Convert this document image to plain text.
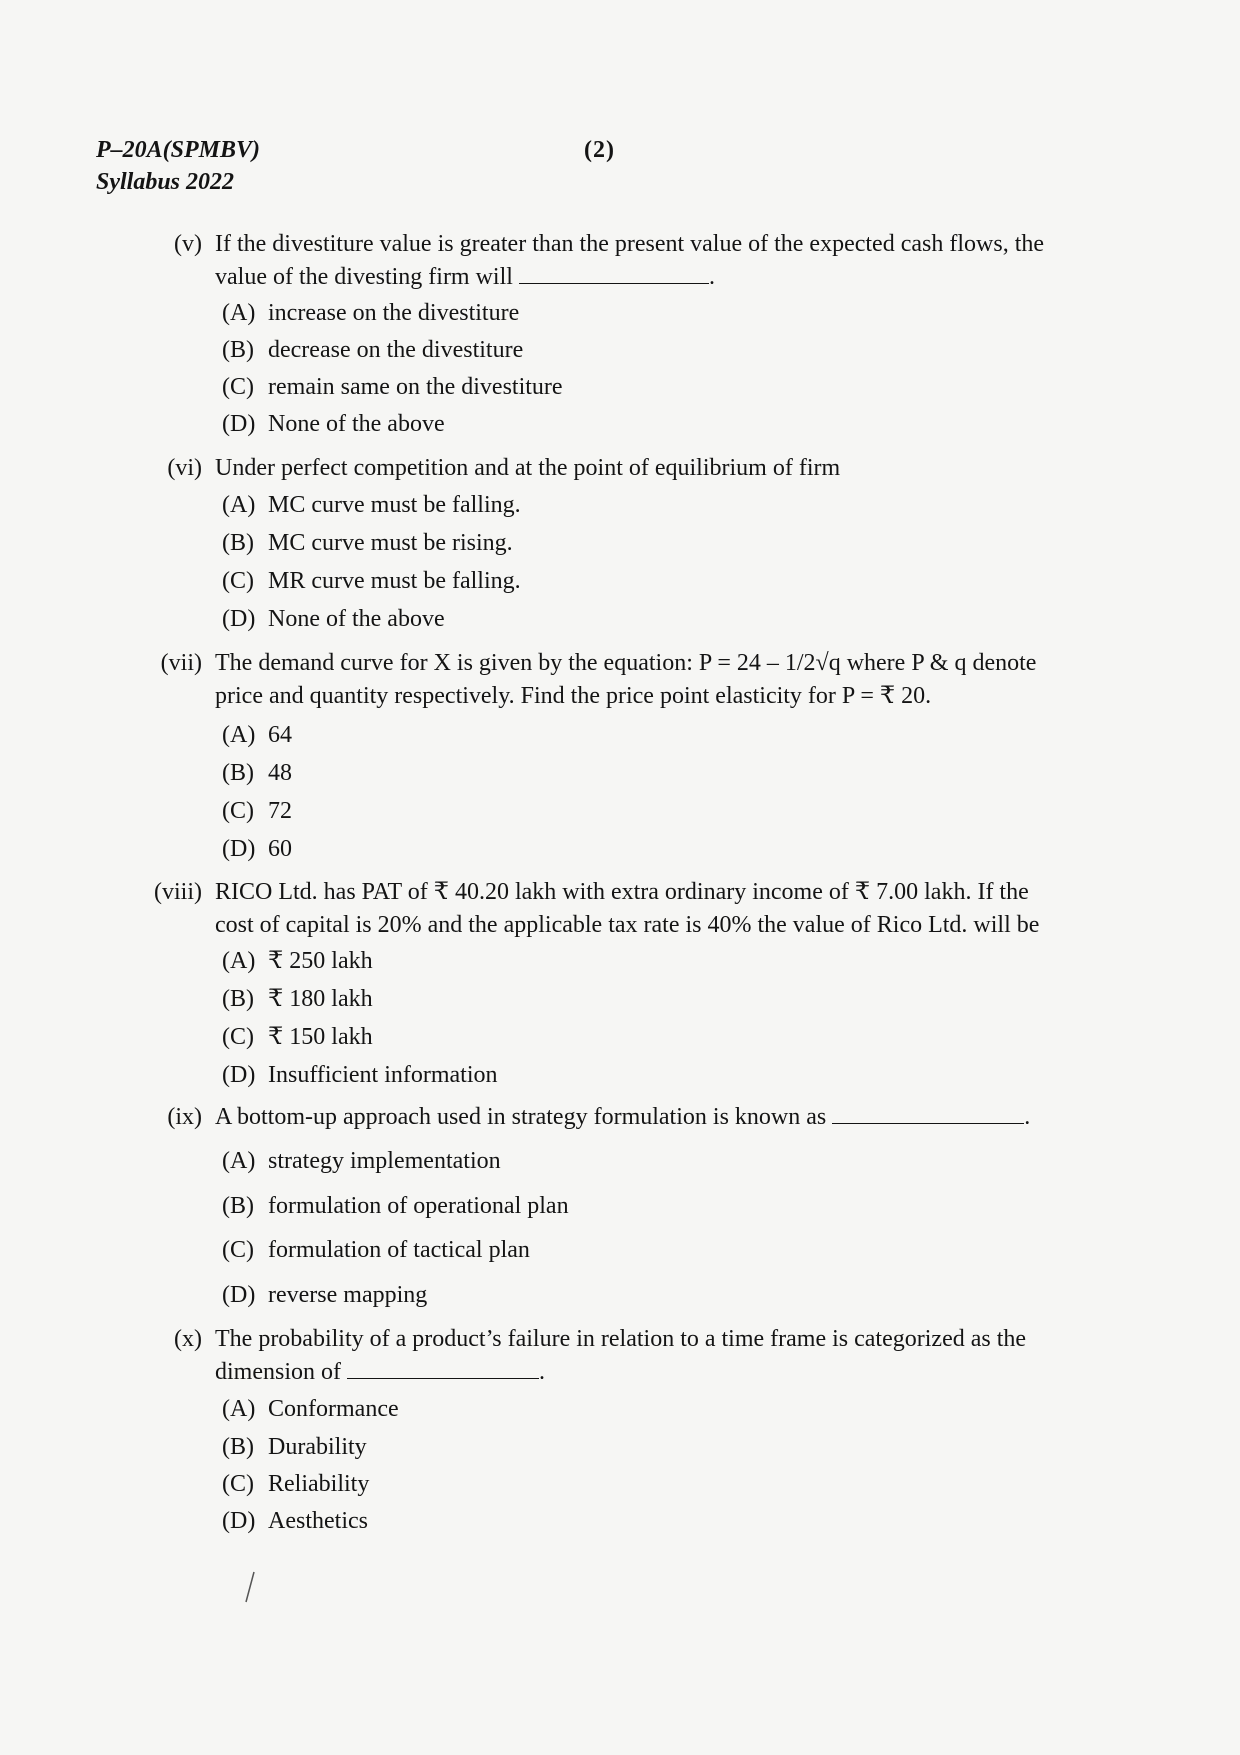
P–20A(SPMBV)
Syllabus 2022
(2)
(v) If the divestiture value is greater than the present value of the expected cash flows, the
value of the divesting firm will	.
(A) increase on the divestiture
(B) decrease on the divestiture
(C) remain same on the divestiture
(D) None of the above
(vi) Under perfect competition and at the point of equilibrium of firm
(A) MC curve must be falling.
(B) MC curve must be rising.
(C) MR curve must be falling.
(D) None of the above
(vii) The demand curve for X is given by the equation: P = 24 – 1/2√q where P & q denote
price and quantity respectively. Find the price point elasticity for P = ₹ 20.
(A) 64
(B) 48
(C) 72
(D) 60
(viii) RICO Ltd. has PAT of ₹ 40.20 lakh with extra ordinary income of ₹ 7.00 lakh. If the
cost of capital is 20% and the applicable tax rate is 40% the value of Rico Ltd. will be
(A) ₹ 250 lakh
(B) ₹ 180 lakh
(C) ₹ 150 lakh
(D) Insufficient information
(ix) A bottom-up approach used in strategy formulation is known as	.
(A) strategy implementation
(B) formulation of operational plan
(C) formulation of tactical plan
(D) reverse mapping
(x) The probability of a product’s failure in relation to a time frame is categorized as the
dimension of	.
(A) Conformance
(B) Durability
(C) Reliability
(D) Aesthetics
